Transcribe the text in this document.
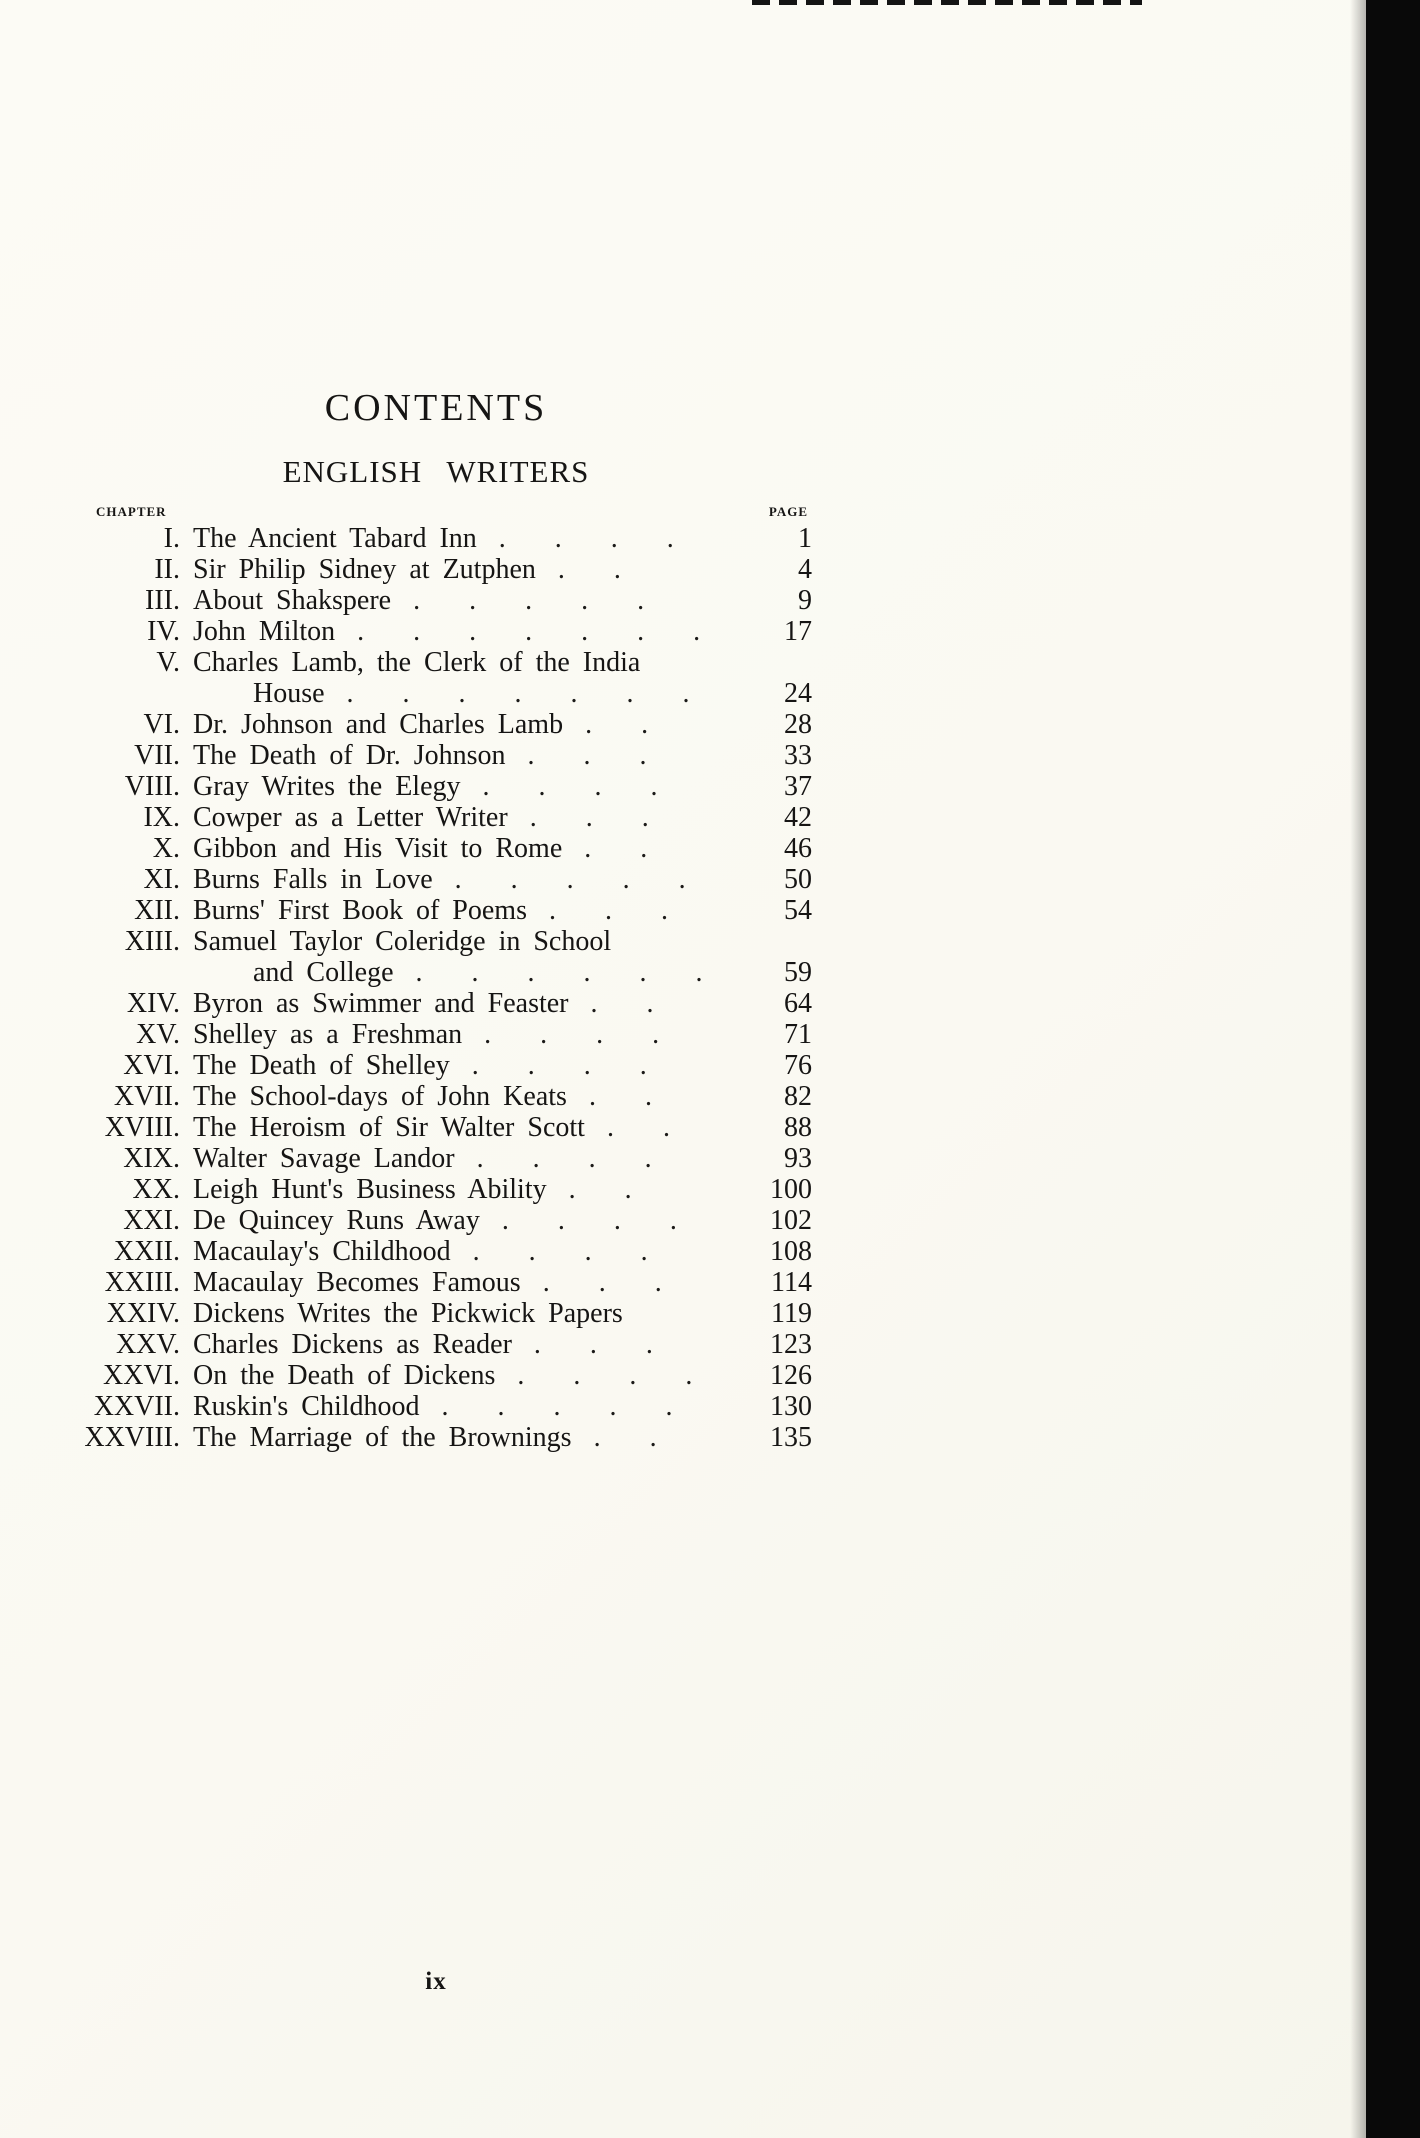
CONTENTS
ENGLISH WRITERS
CHAPTER	PAGE
I. The Ancient Tabard Inn . . . .	1
II. Sir Philip Sidney at Zutphen . .	4
III. About Shakspere . . . . .	9
IV. John Milton . . . . . . .	17
V. Charles Lamb, the Clerk of the India
House . . . . . . .	24
VI. Dr. Johnson and Charles Lamb . .	28
VII. The Death of Dr. Johnson . . .	33
VIII. Gray Writes the Elegy . . . .	37
IX. Cowper as a Letter Writer . . .	42
X. Gibbon and His Visit to Rome . .	46
XI. Burns Falls in Love . . . . .	50
XII. Burns' First Book of Poems . . .	54
XIII. Samuel Taylor Coleridge in School
and College . . . . . .	59
XIV. Byron as Swimmer and Feaster . .	64
XV. Shelley as a Freshman . . . .	71
XVI. The Death of Shelley . . . .	76
XVII. The School-days of John Keats . .	82
XVIII. The Heroism of Sir Walter Scott . .	88
XIX. Walter Savage Landor . . . .	93
XX. Leigh Hunt's Business Ability . .	100
XXI. De Quincey Runs Away . . . .	102
XXII. Macaulay's Childhood . . . .	108
XXIII. Macaulay Becomes Famous . . .	114
XXIV. Dickens Writes the Pickwick Papers	119
XXV. Charles Dickens as Reader . . .	123
XXVI. On the Death of Dickens . . . .	126
XXVII. Ruskin's Childhood . . . . .	130
XXVIII. The Marriage of the Brownings . .	135
ix
